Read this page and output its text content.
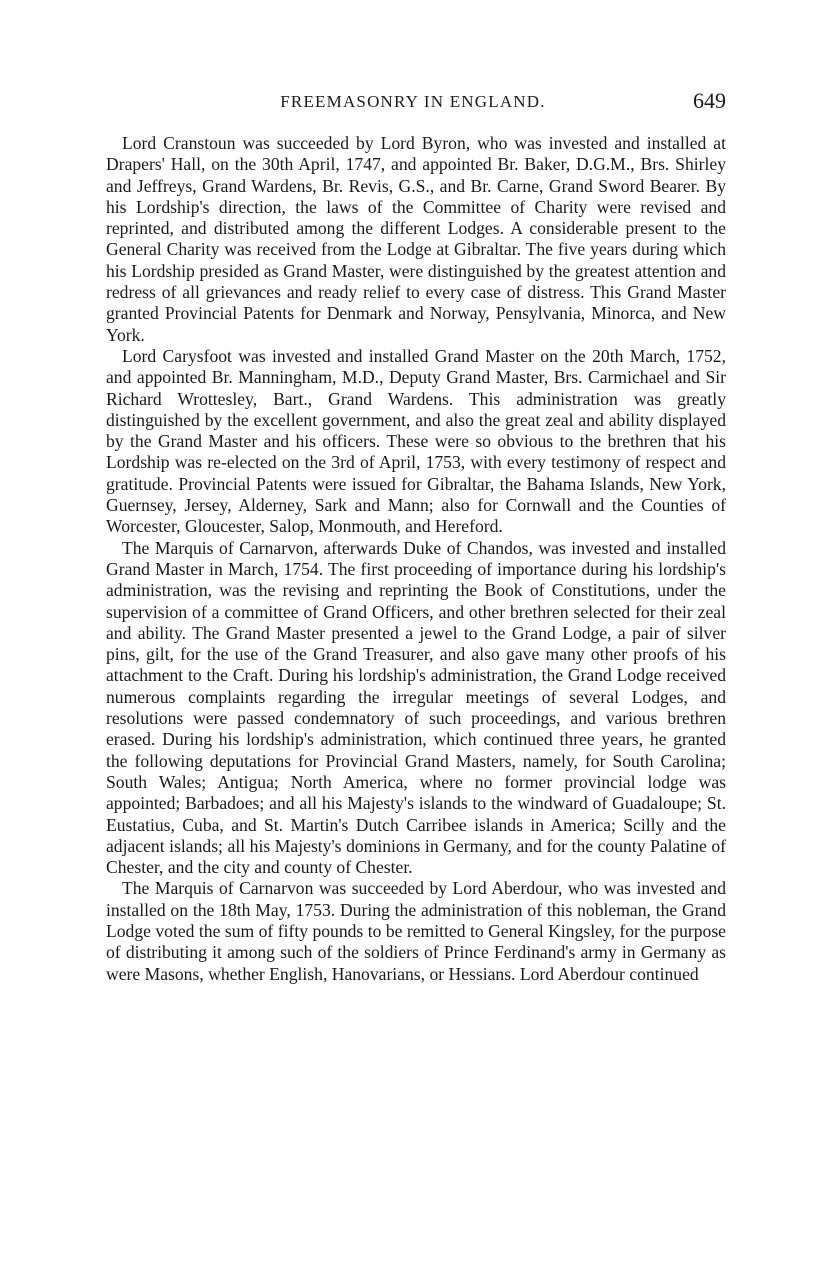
FREEMASONRY IN ENGLAND.	649

Lord Cranstoun was succeeded by Lord Byron, who was invested and installed at Drapers' Hall, on the 30th April, 1747, and appointed Br. Baker, D.G.M., Brs. Shirley and Jeffreys, Grand Wardens, Br. Revis, G.S., and Br. Carne, Grand Sword Bearer. By his Lordship's direction, the laws of the Committee of Charity were revised and reprinted, and distributed among the different Lodges. A considerable present to the General Charity was received from the Lodge at Gibraltar. The five years during which his Lordship presided as Grand Master, were distinguished by the greatest attention and redress of all grievances and ready relief to every case of distress. This Grand Master granted Provincial Patents for Denmark and Norway, Pensylvania, Minorca, and New York.

Lord Carysfoot was invested and installed Grand Master on the 20th March, 1752, and appointed Br. Manningham, M.D., Deputy Grand Master, Brs. Carmichael and Sir Richard Wrottesley, Bart., Grand Wardens. This administration was greatly distinguished by the excellent government, and also the great zeal and ability displayed by the Grand Master and his officers. These were so obvious to the brethren that his Lordship was re-elected on the 3rd of April, 1753, with every testimony of respect and gratitude. Provincial Patents were issued for Gibraltar, the Bahama Islands, New York, Guernsey, Jersey, Alderney, Sark and Mann; also for Cornwall and the Counties of Worcester, Gloucester, Salop, Monmouth, and Hereford.

The Marquis of Carnarvon, afterwards Duke of Chandos, was invested and installed Grand Master in March, 1754. The first proceeding of importance during his lordship's administration, was the revising and reprinting the Book of Constitutions, under the supervision of a committee of Grand Officers, and other brethren selected for their zeal and ability. The Grand Master presented a jewel to the Grand Lodge, a pair of silver pins, gilt, for the use of the Grand Treasurer, and also gave many other proofs of his attachment to the Craft. During his lordship's administration, the Grand Lodge received numerous complaints regarding the irregular meetings of several Lodges, and resolutions were passed condemnatory of such proceedings, and various brethren erased. During his lordship's administration, which continued three years, he granted the following deputations for Provincial Grand Masters, namely, for South Carolina; South Wales; Antigua; North America, where no former provincial lodge was appointed; Barbadoes; and all his Majesty's islands to the windward of Guadaloupe; St. Eustatius, Cuba, and St. Martin's Dutch Carribee islands in America; Scilly and the adjacent islands; all his Majesty's dominions in Germany, and for the county Palatine of Chester, and the city and county of Chester.

The Marquis of Carnarvon was succeeded by Lord Aberdour, who was invested and installed on the 18th May, 1753. During the administration of this nobleman, the Grand Lodge voted the sum of fifty pounds to be remitted to General Kingsley, for the purpose of distributing it among such of the soldiers of Prince Ferdinand's army in Germany as were Masons, whether English, Hanovarians, or Hessians. Lord Aberdour continued
